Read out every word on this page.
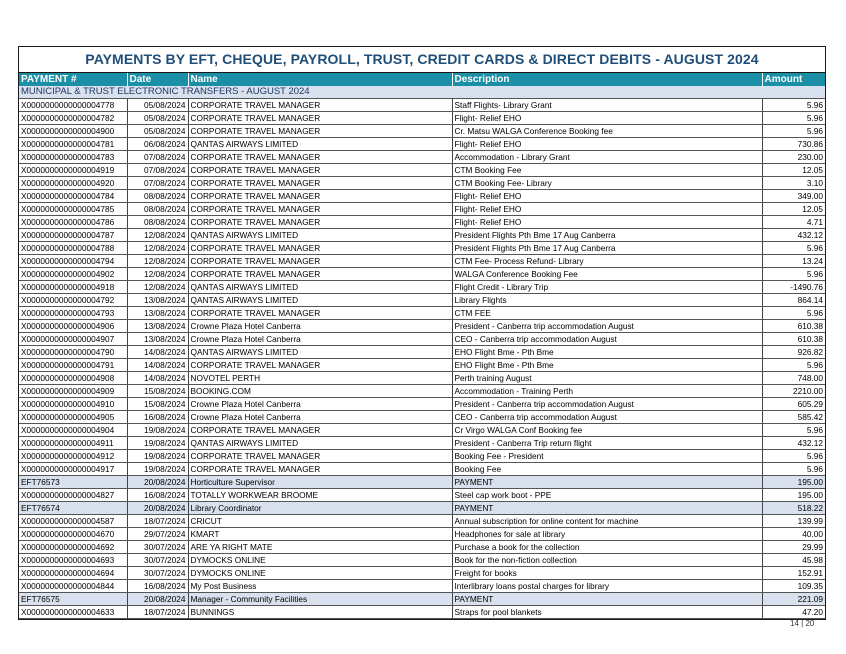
PAYMENTS BY EFT, CHEQUE, PAYROLL, TRUST, CREDIT CARDS & DIRECT DEBITS - AUGUST 2024
PAYMENT #	Date	Name	Description	Amount
MUNICIPAL & TRUST ELECTRONIC TRANSFERS - AUGUST 2024				
X0000000000000004778	05/08/2024	CORPORATE TRAVEL MANAGER	Staff Flights- Library Grant	5.96
X0000000000000004782	05/08/2024	CORPORATE TRAVEL MANAGER	Flight- Relief EHO	5.96
X0000000000000004900	05/08/2024	CORPORATE TRAVEL MANAGER	Cr. Matsu WALGA Conference Booking fee	5.96
X0000000000000004781	06/08/2024	QANTAS AIRWAYS LIMITED	Flight- Relief EHO	730.86
X0000000000000004783	07/08/2024	CORPORATE TRAVEL MANAGER	Accommodation - Library Grant	230.00
X0000000000000004919	07/08/2024	CORPORATE TRAVEL MANAGER	CTM Booking Fee	12.05
X0000000000000004920	07/08/2024	CORPORATE TRAVEL MANAGER	CTM Booking Fee- Library	3.10
X0000000000000004784	08/08/2024	CORPORATE TRAVEL MANAGER	Flight- Relief EHO	349.00
X0000000000000004785	08/08/2024	CORPORATE TRAVEL MANAGER	Flight- Relief EHO	12.05
X0000000000000004786	08/08/2024	CORPORATE TRAVEL MANAGER	Flight- Relief EHO	4.71
X0000000000000004787	12/08/2024	QANTAS AIRWAYS LIMITED	President Flights Pth Bme 17 Aug Canberra	432.12
X0000000000000004788	12/08/2024	CORPORATE TRAVEL MANAGER	President Flights Pth Bme 17 Aug Canberra	5.96
X0000000000000004794	12/08/2024	CORPORATE TRAVEL MANAGER	CTM Fee- Process Refund- Library	13.24
X0000000000000004902	12/08/2024	CORPORATE TRAVEL MANAGER	WALGA Conference Booking Fee	5.96
X0000000000000004918	12/08/2024	QANTAS AIRWAYS LIMITED	Flight Credit - Library Trip	-1490.76
X0000000000000004792	13/08/2024	QANTAS AIRWAYS LIMITED	Library Flights	864.14
X0000000000000004793	13/08/2024	CORPORATE TRAVEL MANAGER	CTM FEE	5.96
X0000000000000004906	13/08/2024	Crowne Plaza Hotel Canberra	President - Canberra trip accommodation August	610.38
X0000000000000004907	13/08/2024	Crowne Plaza Hotel Canberra	CEO - Canberra trip accommodation August	610.38
X0000000000000004790	14/08/2024	QANTAS AIRWAYS LIMITED	EHO Flight Bme - Pth Bme	926.82
X0000000000000004791	14/08/2024	CORPORATE TRAVEL MANAGER	EHO Flight Bme - Pth Bme	5.96
X0000000000000004908	14/08/2024	NOVOTEL PERTH	Perth training August	748.00
X0000000000000004909	15/08/2024	BOOKING.COM	Accommodation - Training Perth	2210.00
X0000000000000004910	15/08/2024	Crowne Plaza Hotel Canberra	President - Canberra trip accommodation August	605.29
X0000000000000004905	16/08/2024	Crowne Plaza Hotel Canberra	CEO - Canberra trip accommodation August	585.42
X0000000000000004904	19/08/2024	CORPORATE TRAVEL MANAGER	Cr Virgo WALGA Conf Booking fee	5.96
X0000000000000004911	19/08/2024	QANTAS AIRWAYS LIMITED	President - Canberra Trip return flight	432.12
X0000000000000004912	19/08/2024	CORPORATE TRAVEL MANAGER	Booking Fee - President	5.96
X0000000000000004917	19/08/2024	CORPORATE TRAVEL MANAGER	Booking Fee	5.96
EFT76573	20/08/2024	Horticulture Supervisor	PAYMENT	195.00
X0000000000000004827	16/08/2024	TOTALLY WORKWEAR BROOME	Steel cap work boot - PPE	195.00
EFT76574	20/08/2024	Library Coordinator	PAYMENT	518.22
X0000000000000004587	18/07/2024	CRICUT	Annual subscription for online content for machine	139.99
X0000000000000004670	29/07/2024	KMART	Headphones for sale at library	40.00
X0000000000000004692	30/07/2024	ARE YA RIGHT MATE	Purchase a book for the collection	29.99
X0000000000000004693	30/07/2024	DYMOCKS ONLINE	Book for the non-fiction collection	45.98
X0000000000000004694	30/07/2024	DYMOCKS ONLINE	Freight for books	152.91
X0000000000000004844	16/08/2024	My Post Business	Interlibrary loans postal charges for library	109.35
EFT76575	20/08/2024	Manager - Community Facilities	PAYMENT	221.09
X0000000000000004633	18/07/2024	BUNNINGS	Straps for pool blankets	47.20
14 | 20
